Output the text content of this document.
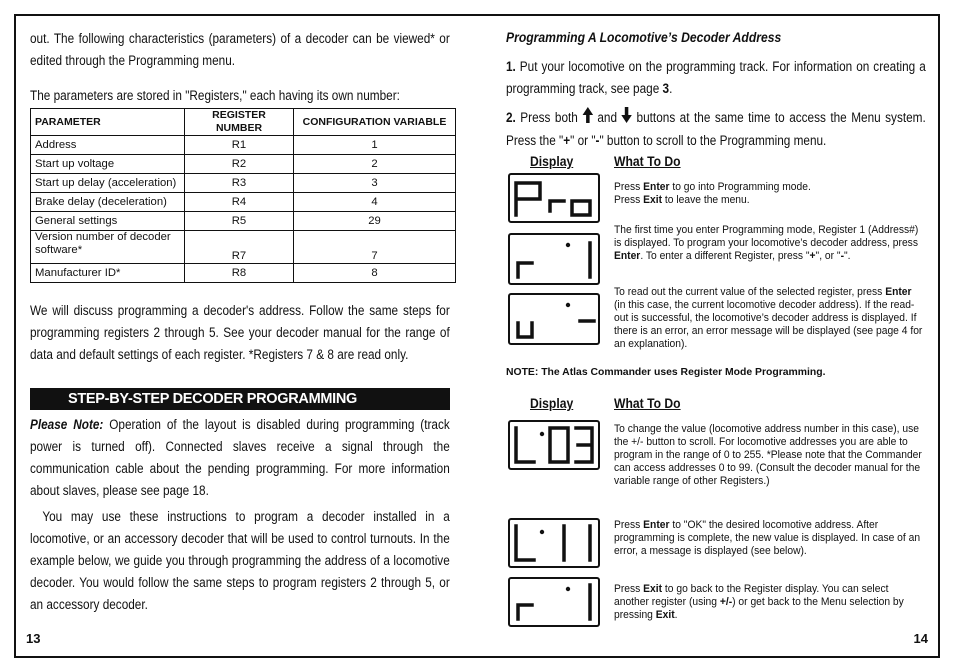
out. The following characteristics (parameters) of a decoder can be viewed* or edited through the Programming menu.

The parameters are stored in "Registers," each having its own number:

PARAMETER	REGISTER NUMBER	CONFIGURATION VARIABLE
Address	R1	1
Start up voltage	R2	2
Start up delay (acceleration)	R3	3
Brake delay (deceleration)	R4	4
General settings	R5	29
Version number of decoder software*	R7	7
Manufacturer ID*	R8	8

We will discuss programming a decoder's address. Follow the same steps for programming registers 2 through 5. See your decoder manual for the range of data and default settings of each register. *Registers 7 & 8 are read only.

STEP-BY-STEP DECODER PROGRAMMING

Please Note: Operation of the layout is disabled during programming (track power is turned off). Connected slaves receive a signal through the communication cable about the pending programming. For more information about slaves, please see page 18.

You may use these instructions to program a decoder installed in a locomotive, or an accessory decoder that will be used to control turnouts. In the example below, we guide you through programming the address of a locomotive decoder. You would follow the same steps to program registers 2 through 5, or an accessory decoder.

13
Programming A Locomotive’s Decoder Address

1. Put your locomotive on the programming track. For information on creating a programming track, see page 3.

2. Press both  and  buttons at the same time to access the Menu system. Press the "+" or "-" button to scroll to the Programming menu.

Display	What To Do

Press Enter to go into Programming mode.
Press Exit to leave the menu.

The first time you enter Programming mode, Register 1 (Address#) is displayed. To program your locomotive’s decoder address, press Enter. To enter a different Register, press "+", or "-".

To read out the current value of the selected register, press Enter (in this case, the current locomotive decoder address). If the read-out is successful, the locomotive’s decoder address is displayed. If there is an error, an error message will be displayed (see page 4 for an explanation).

NOTE: The Atlas Commander uses Register Mode Programming.
Display	What To Do

To change the value (locomotive address number in this case), use the +/- button to scroll. For locomotive addresses you are able to program in the range of 0 to 255. *Please note that the Commander can access addresses 0 to 99. (Consult the decoder manual for the variable range of other Registers.)

Press Enter to "OK" the desired locomotive address. After programming is complete, the new value is displayed. In case of an error, a message is displayed (see below).

Press Exit to go back to the Register display. You can select another register (using +/-) or get back to the Menu selection by pressing Exit.

14
